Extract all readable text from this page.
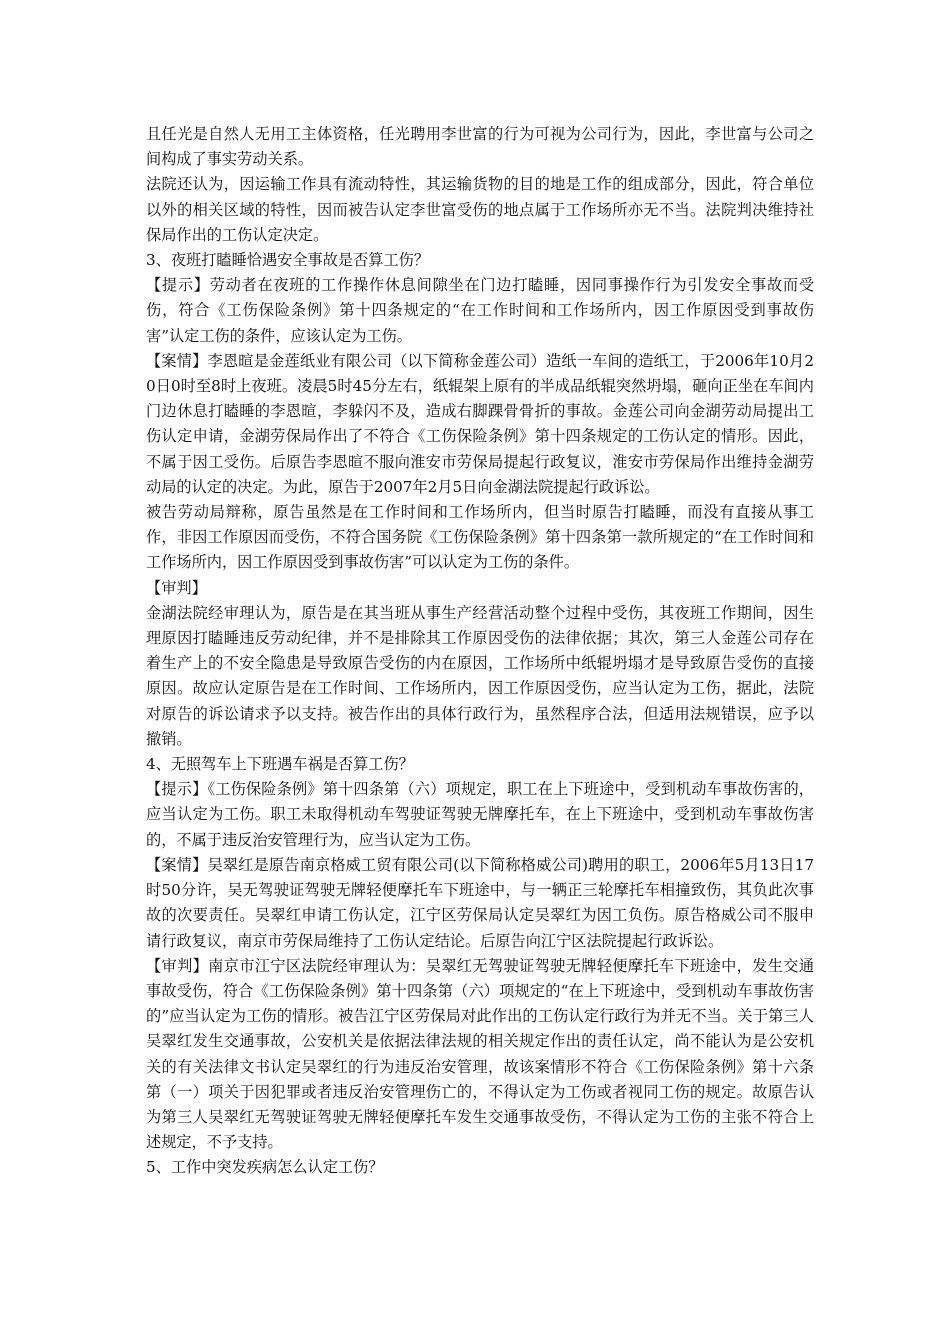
且任光是自然人无用工主体资格，任光聘用李世富的行为可视为公司行为，因此，李世富与公司之间构成了事实劳动关系。

法院还认为，因运输工作具有流动特性，其运输货物的目的地是工作的组成部分，因此，符合单位以外的相关区域的特性，因而被告认定李世富受伤的地点属于工作场所亦无不当。法院判决维持社保局作出的工伤认定决定。

3、夜班打瞌睡恰遇安全事故是否算工伤？

【提示】劳动者在夜班的工作操作休息间隙坐在门边打瞌睡，因同事操作行为引发安全事故而受伤，符合《工伤保险条例》第十四条规定的“在工作时间和工作场所内，因工作原因受到事故伤害”认定工伤的条件，应该认定为工伤。

【案情】李恩暄是金莲纸业有限公司（以下简称金莲公司）造纸一车间的造纸工，于2006年10月20日0时至8时上夜班。凌晨5时45分左右，纸辊架上原有的半成品纸辊突然坍塌，砸向正坐在车间内门边休息打瞌睡的李恩暄，李躲闪不及，造成右脚踝骨骨折的事故。金莲公司向金湖劳动局提出工伤认定申请，金湖劳保局作出了不符合《工伤保险条例》第十四条规定的工伤认定的情形。因此，不属于因工受伤。后原告李恩暄不服向淮安市劳保局提起行政复议，淮安市劳保局作出维持金湖劳动局的认定的决定。为此，原告于2007年2月5日向金湖法院提起行政诉讼。

被告劳动局辩称，原告虽然是在工作时间和工作场所内，但当时原告打瞌睡，而没有直接从事工作，非因工作原因而受伤，不符合国务院《工伤保险条例》第十四条第一款所规定的“在工作时间和工作场所内，因工作原因受到事故伤害”可以认定为工伤的条件。

【审判】

金湖法院经审理认为，原告是在其当班从事生产经营活动整个过程中受伤，其夜班工作期间，因生理原因打瞌睡违反劳动纪律，并不是排除其工作原因受伤的法律依据；其次，第三人金莲公司存在着生产上的不安全隐患是导致原告受伤的内在原因，工作场所中纸辊坍塌才是导致原告受伤的直接原因。故应认定原告是在工作时间、工作场所内，因工作原因受伤，应当认定为工伤，据此，法院对原告的诉讼请求予以支持。被告作出的具体行政行为，虽然程序合法，但适用法规错误，应予以撤销。

4、无照驾车上下班遇车祸是否算工伤？

【提示】《工伤保险条例》第十四条第（六）项规定，职工在上下班途中，受到机动车事故伤害的，应当认定为工伤。职工未取得机动车驾驶证驾驶无牌摩托车，在上下班途中，受到机动车事故伤害的，不属于违反治安管理行为，应当认定为工伤。

【案情】吴翠红是原告南京格威工贸有限公司(以下简称格威公司)聘用的职工，2006年5月13日17时50分许，吴无驾驶证驾驶无牌轻便摩托车下班途中，与一辆正三轮摩托车相撞致伤，其负此次事故的次要责任。吴翠红申请工伤认定，江宁区劳保局认定吴翠红为因工负伤。原告格威公司不服申请行政复议，南京市劳保局维持了工伤认定结论。后原告向江宁区法院提起行政诉讼。

【审判】南京市江宁区法院经审理认为：吴翠红无驾驶证驾驶无牌轻便摩托车下班途中，发生交通事故受伤，符合《工伤保险条例》第十四条第（六）项规定的“在上下班途中，受到机动车事故伤害的”应当认定为工伤的情形。被告江宁区劳保局对此作出的工伤认定行政行为并无不当。关于第三人吴翠红发生交通事故，公安机关是依据法律法规的相关规定作出的责任认定，尚不能认为是公安机关的有关法律文书认定吴翠红的行为违反治安管理，故该案情形不符合《工伤保险条例》第十六条第（一）项关于因犯罪或者违反治安管理伤亡的，不得认定为工伤或者视同工伤的规定。故原告认为第三人吴翠红无驾驶证驾驶无牌轻便摩托车发生交通事故受伤，不得认定为工伤的主张不符合上述规定，不予支持。

5、工作中突发疾病怎么认定工伤？
